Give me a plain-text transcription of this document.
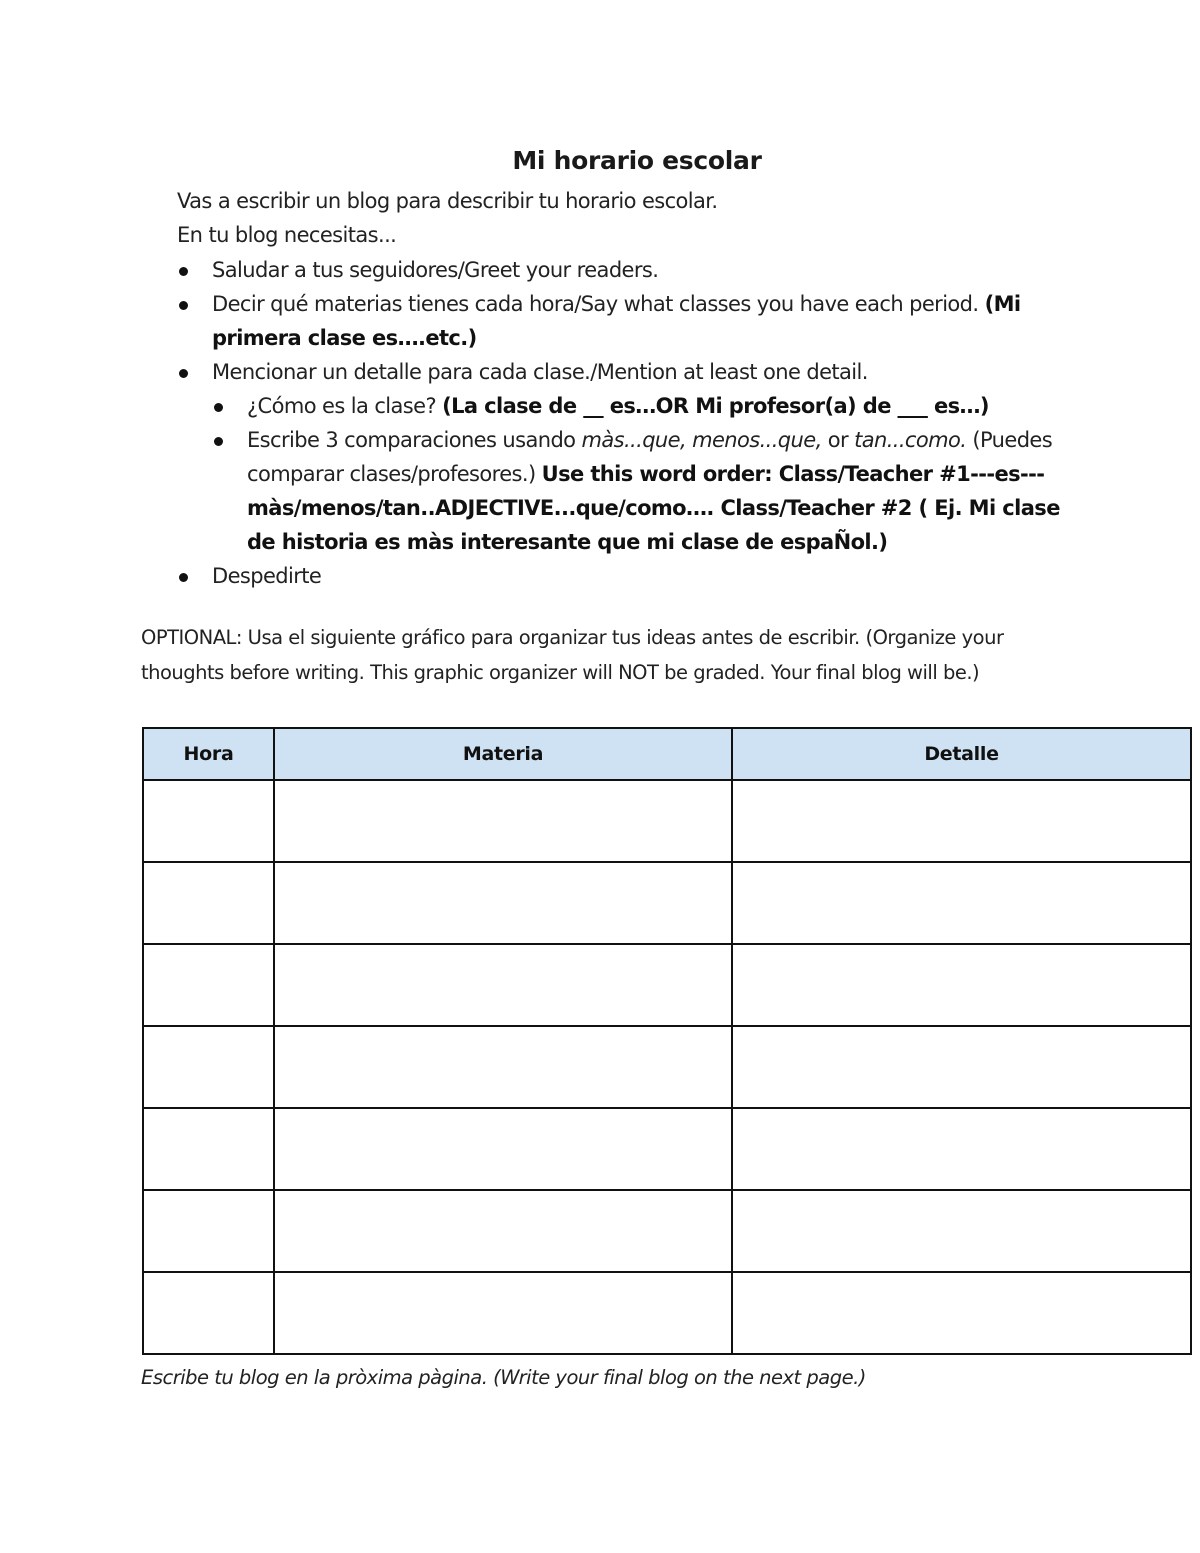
Mi horario escolar
Vas a escribir un blog para describir tu horario escolar.
En tu blog necesitas...
Saludar a tus seguidores/Greet your readers.
Decir qué materias tienes cada hora/Say what classes you have each period. (Mi primera clase es….etc.)
Mencionar un detalle para cada clase./Mention at least one detail.
¿Cómo es la clase? (La clase de __ es…OR Mi profesor(a) de ___ es…)
Escribe 3 comparaciones usando màs...que, menos...que, or tan...como. (Puedes comparar clases/profesores.) Use this word order: Class/Teacher #1---es---màs/menos/tan..ADJECTIVE...que/como…. Class/Teacher #2 ( Ej. Mi clase de historia es màs interesante que mi clase de espaÑol.)
Despedirte
OPTIONAL: Usa el siguiente gráfico para organizar tus ideas antes de escribir. (Organize your thoughts before writing. This graphic organizer will NOT be graded. Your final blog will be.)
Hora	Materia	Detalle

Escribe tu blog en la pròxima pàgina. (Write your final blog on the next page.)
